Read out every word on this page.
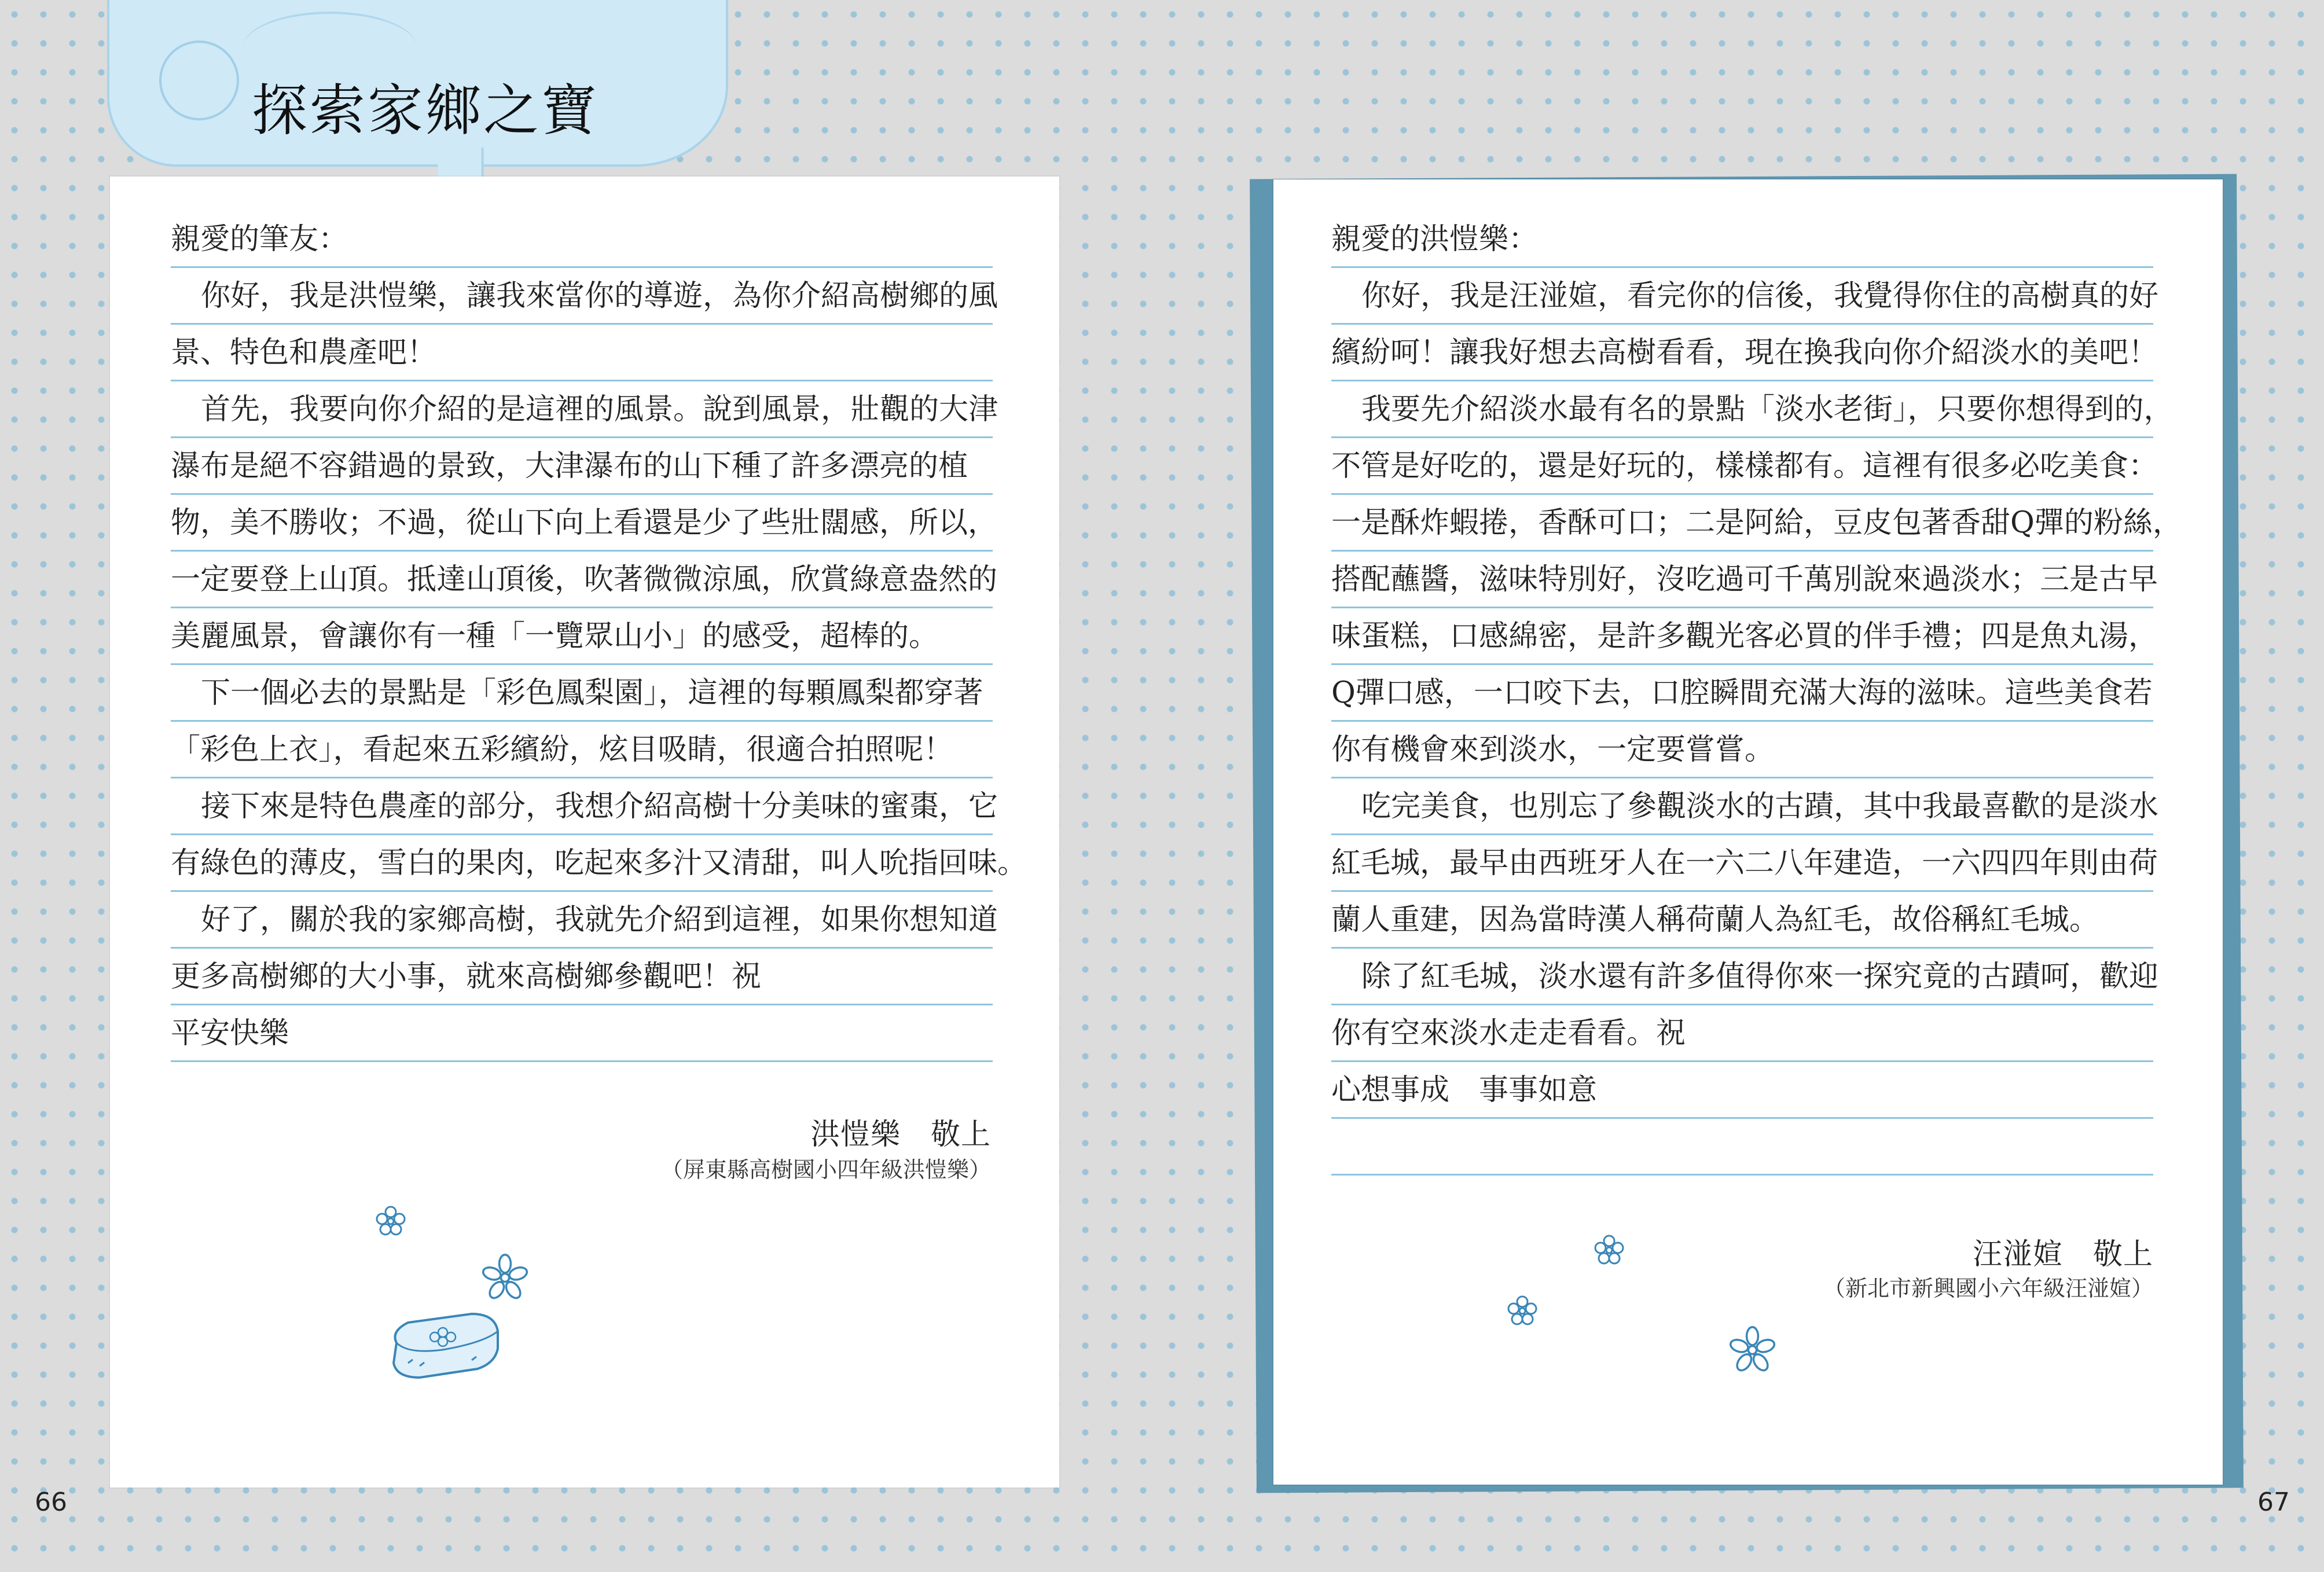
探索家鄉之寶
親愛的筆友：
你好，我是洪愷樂，讓我來當你的導遊，為你介紹高樹鄉的風
景、特色和農產吧！
首先，我要向你介紹的是這裡的風景。說到風景，壯觀的大津
瀑布是絕不容錯過的景致，大津瀑布的山下種了許多漂亮的植
物，美不勝收；不過，從山下向上看還是少了些壯闊感，所以，
一定要登上山頂。抵達山頂後，吹著微微涼風，欣賞綠意盎然的
美麗風景，會讓你有一種「一覽眾山小」的感受，超棒的。
下一個必去的景點是「彩色鳳梨園」，這裡的每顆鳳梨都穿著
「彩色上衣」，看起來五彩繽紛，炫目吸睛，很適合拍照呢！
接下來是特色農產的部分，我想介紹高樹十分美味的蜜棗，它
有綠色的薄皮，雪白的果肉，吃起來多汁又清甜，叫人吮指回味。
好了，關於我的家鄉高樹，我就先介紹到這裡，如果你想知道
更多高樹鄉的大小事，就來高樹鄉參觀吧！祝
平安快樂
洪愷樂　敬上
（屏東縣高樹國小四年級洪愷樂）
親愛的洪愷樂：
你好，我是汪湴媗，看完你的信後，我覺得你住的高樹真的好
繽紛呵！讓我好想去高樹看看，現在換我向你介紹淡水的美吧！
我要先介紹淡水最有名的景點「淡水老街」，只要你想得到的，
不管是好吃的，還是好玩的，樣樣都有。這裡有很多必吃美食：
一是酥炸蝦捲，香酥可口；二是阿給，豆皮包著香甜Q彈的粉絲，
搭配蘸醬，滋味特別好，沒吃過可千萬別說來過淡水；三是古早
味蛋糕，口感綿密，是許多觀光客必買的伴手禮；四是魚丸湯，
Q彈口感，一口咬下去，口腔瞬間充滿大海的滋味。這些美食若
你有機會來到淡水，一定要嘗嘗。
吃完美食，也別忘了參觀淡水的古蹟，其中我最喜歡的是淡水
紅毛城，最早由西班牙人在一六二八年建造，一六四四年則由荷
蘭人重建，因為當時漢人稱荷蘭人為紅毛，故俗稱紅毛城。
除了紅毛城，淡水還有許多值得你來一探究竟的古蹟呵，歡迎
你有空來淡水走走看看。祝
心想事成　事事如意
汪湴媗　敬上
（新北市新興國小六年級汪湴媗）
66	67
